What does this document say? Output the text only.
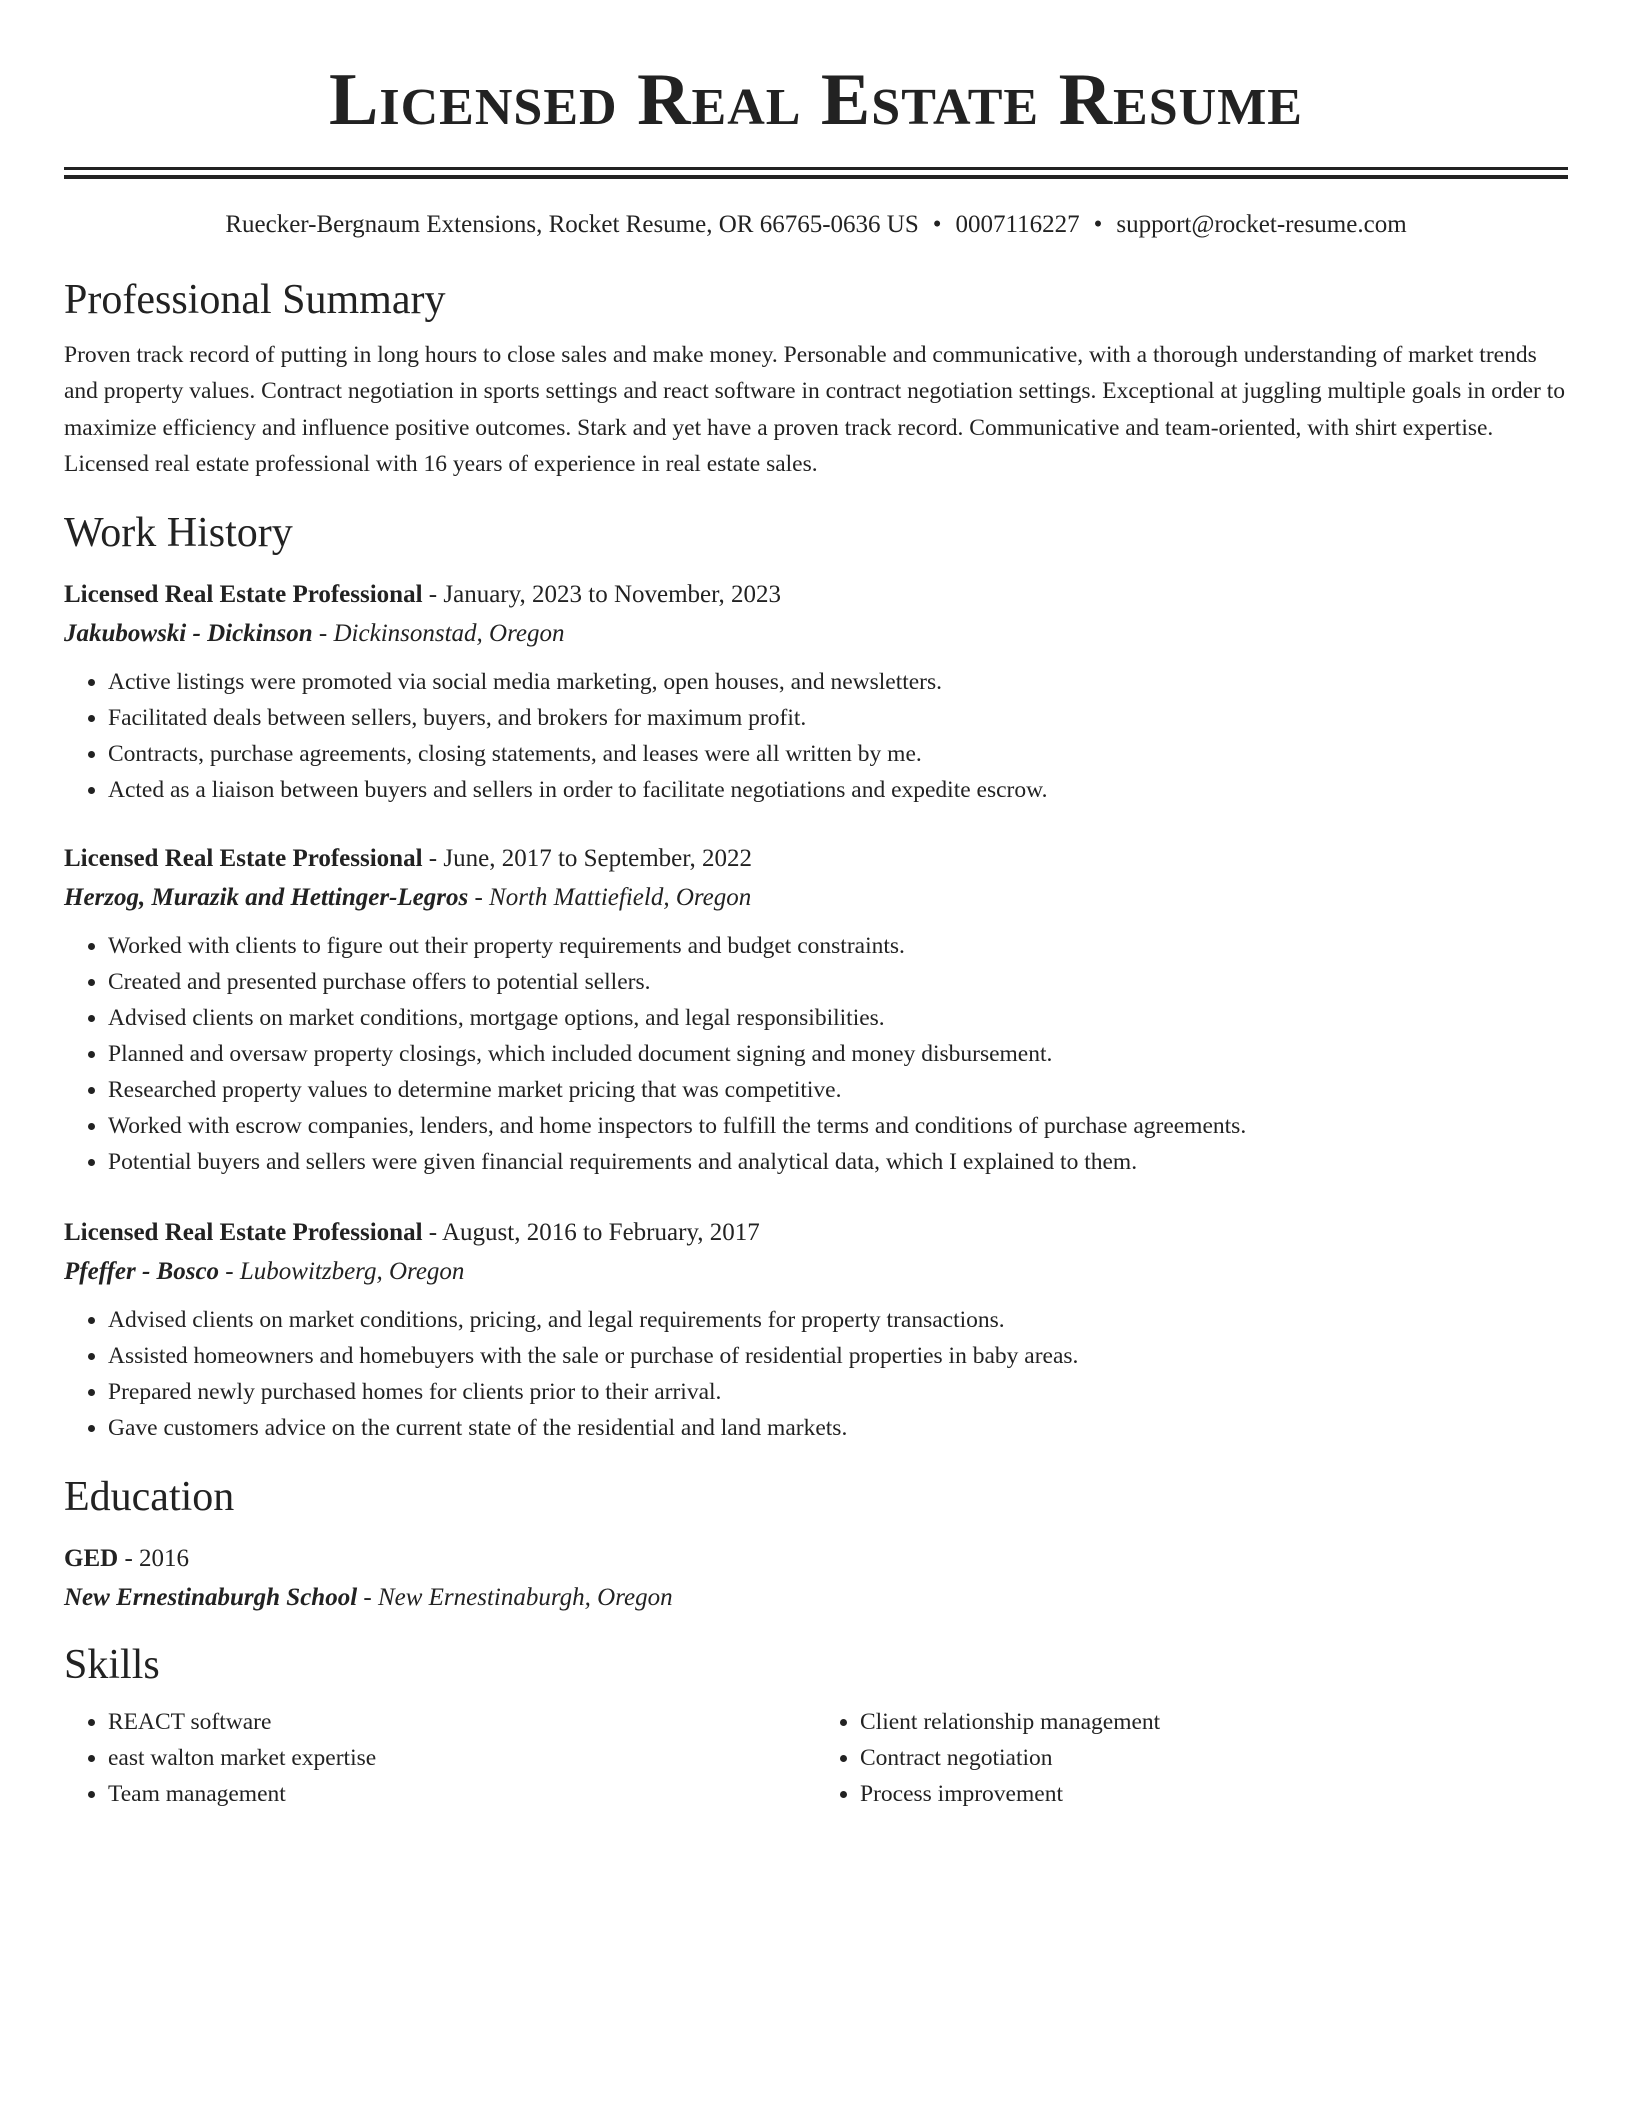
Licensed Real Estate Resume
Ruecker-Bergnaum Extensions, Rocket Resume, OR 66765-0636 US • 0007116227 • support@rocket-resume.com
Professional Summary
Proven track record of putting in long hours to close sales and make money. Personable and communicative, with a thorough understanding of market trends and property values. Contract negotiation in sports settings and react software in contract negotiation settings. Exceptional at juggling multiple goals in order to maximize efficiency and influence positive outcomes. Stark and yet have a proven track record. Communicative and team-oriented, with shirt expertise. Licensed real estate professional with 16 years of experience in real estate sales.
Work History
Licensed Real Estate Professional - January, 2023 to November, 2023
Jakubowski - Dickinson - Dickinsonstad, Oregon
• Active listings were promoted via social media marketing, open houses, and newsletters.
• Facilitated deals between sellers, buyers, and brokers for maximum profit.
• Contracts, purchase agreements, closing statements, and leases were all written by me.
• Acted as a liaison between buyers and sellers in order to facilitate negotiations and expedite escrow.
Licensed Real Estate Professional - June, 2017 to September, 2022
Herzog, Murazik and Hettinger-Legros - North Mattiefield, Oregon
• Worked with clients to figure out their property requirements and budget constraints.
• Created and presented purchase offers to potential sellers.
• Advised clients on market conditions, mortgage options, and legal responsibilities.
• Planned and oversaw property closings, which included document signing and money disbursement.
• Researched property values to determine market pricing that was competitive.
• Worked with escrow companies, lenders, and home inspectors to fulfill the terms and conditions of purchase agreements.
• Potential buyers and sellers were given financial requirements and analytical data, which I explained to them.
Licensed Real Estate Professional - August, 2016 to February, 2017
Pfeffer - Bosco - Lubowitzberg, Oregon
• Advised clients on market conditions, pricing, and legal requirements for property transactions.
• Assisted homeowners and homebuyers with the sale or purchase of residential properties in baby areas.
• Prepared newly purchased homes for clients prior to their arrival.
• Gave customers advice on the current state of the residential and land markets.
Education
GED - 2016
New Ernestinaburgh School - New Ernestinaburgh, Oregon
Skills
• REACT software
• east walton market expertise
• Team management
• Client relationship management
• Contract negotiation
• Process improvement
